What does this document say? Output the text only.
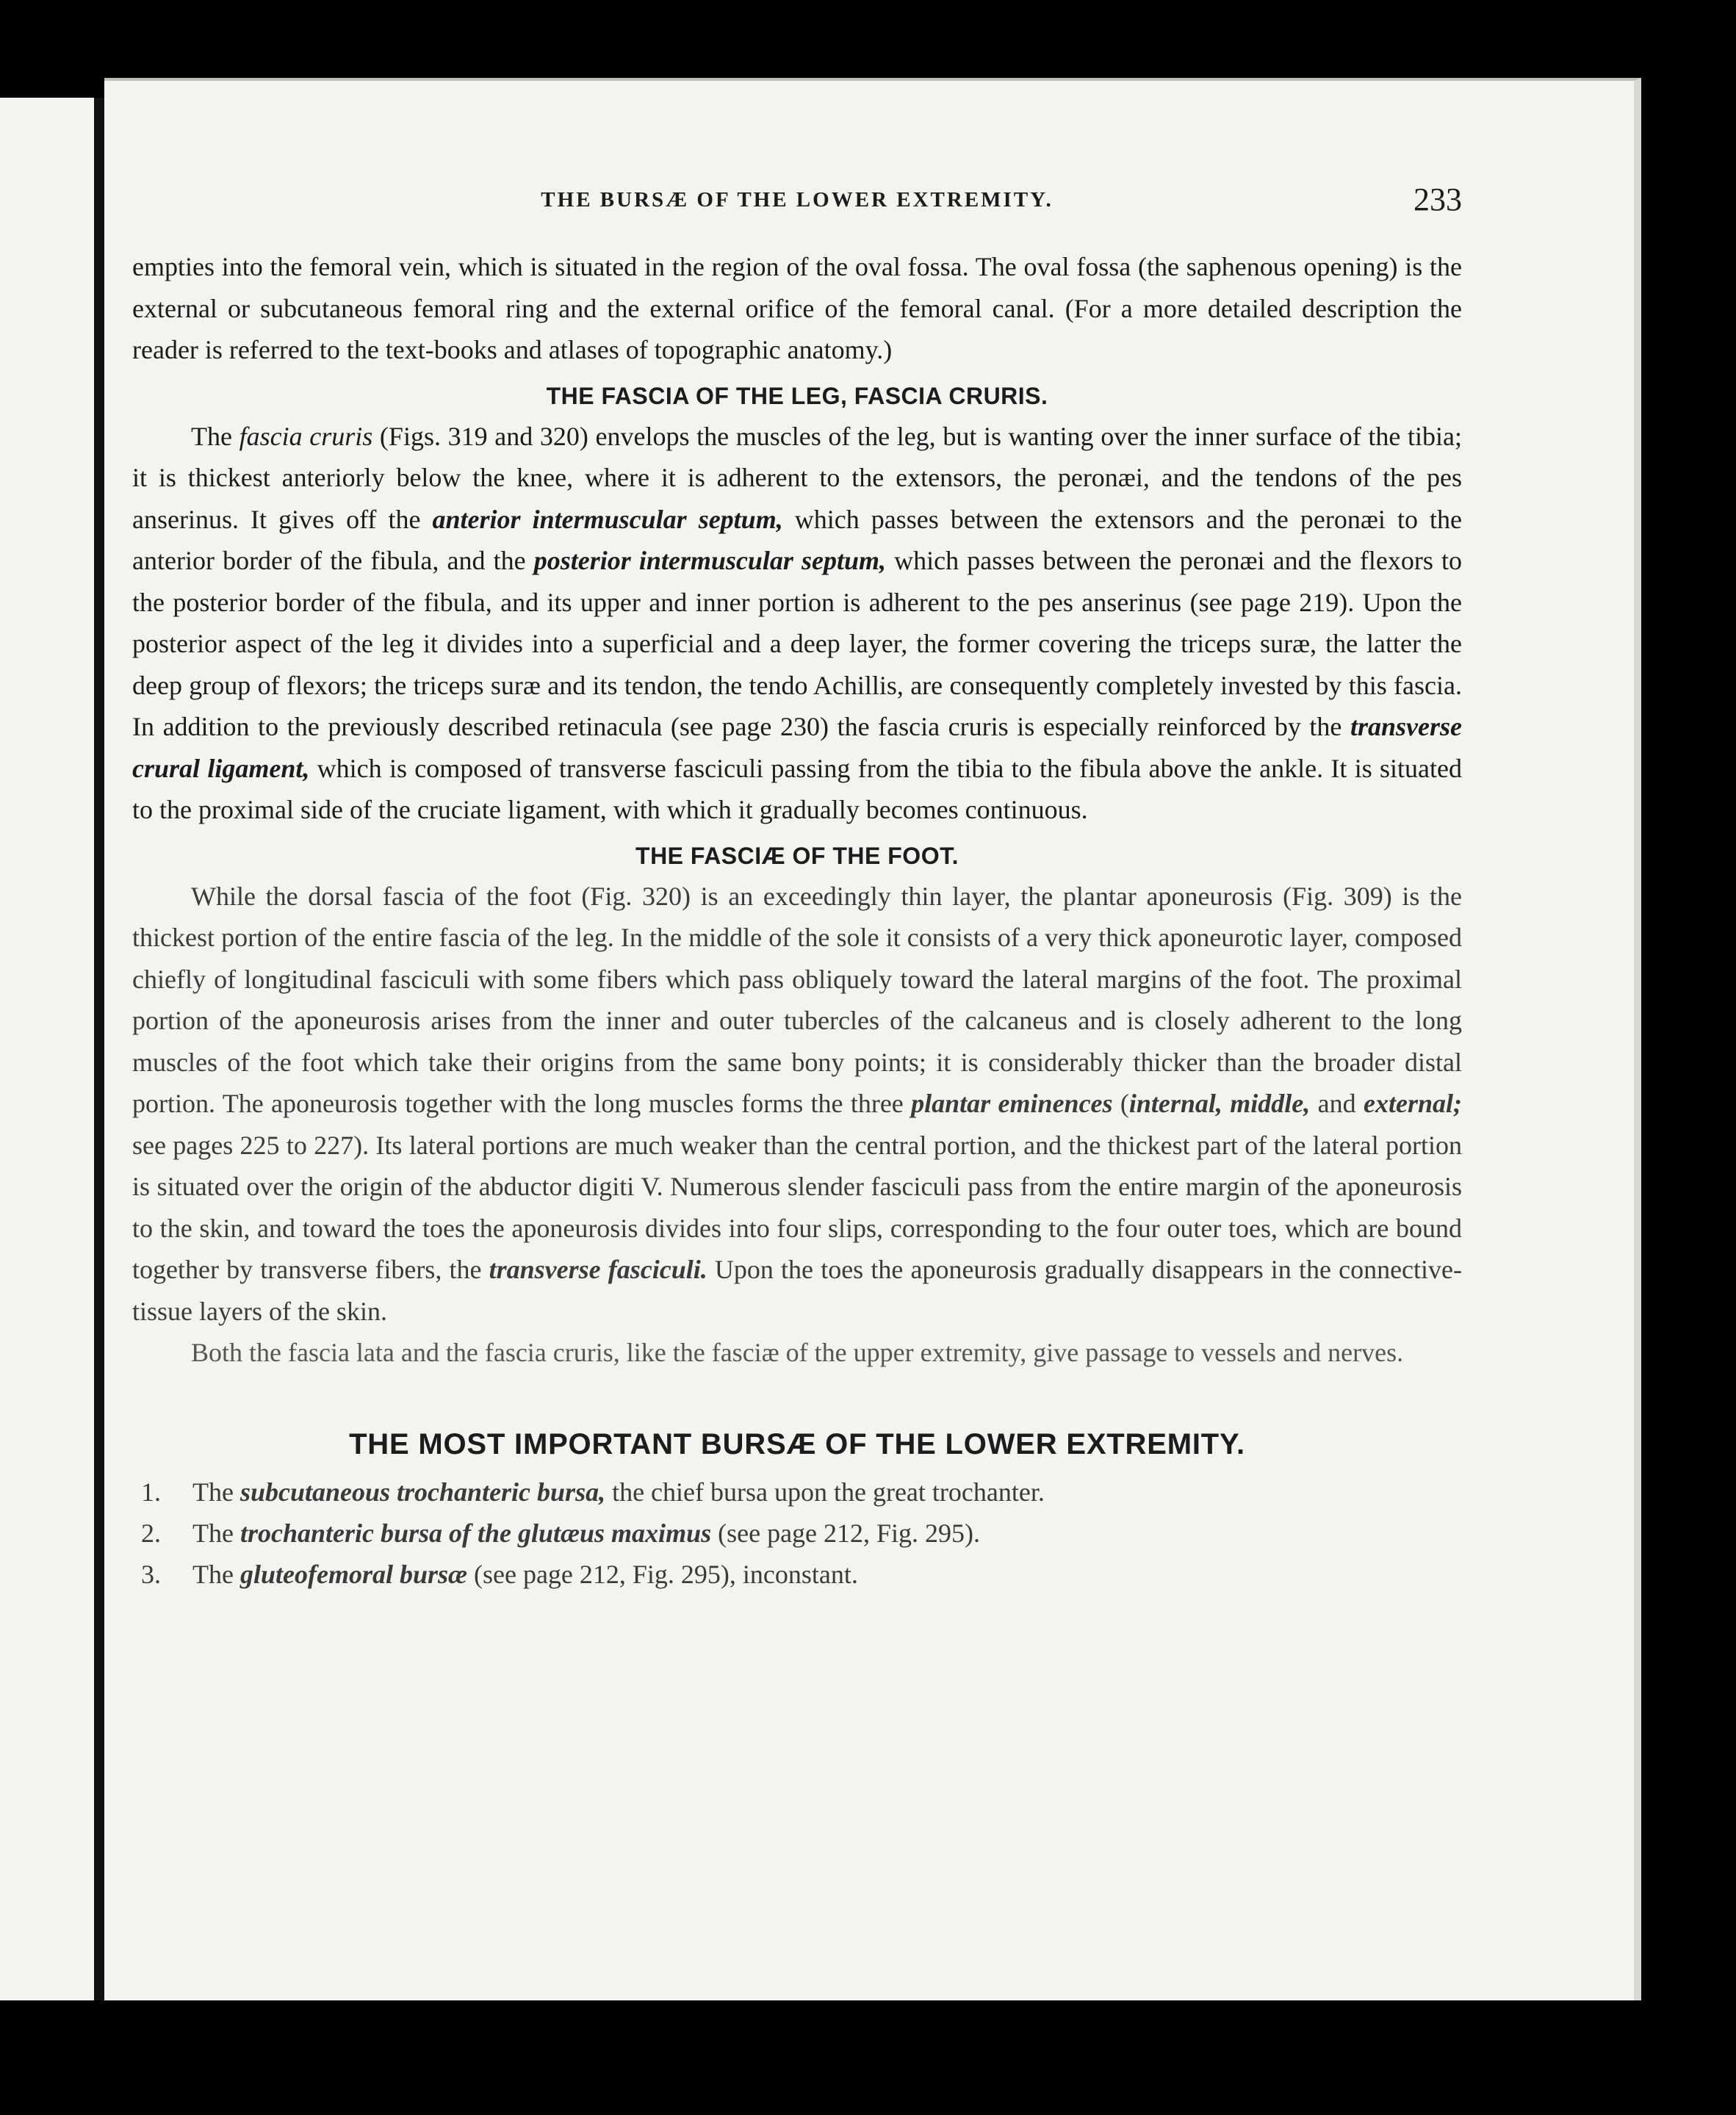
THE BURSÆ OF THE LOWER EXTREMITY.	233

empties into the femoral vein, which is situated in the region of the oval fossa. The oval fossa (the saphenous opening) is the external or subcutaneous femoral ring and the external orifice of the femoral canal. (For a more detailed description the reader is referred to the text-books and atlases of topographic anatomy.)

THE FASCIA OF THE LEG, FASCIA CRURIS.

The fascia cruris (Figs. 319 and 320) envelops the muscles of the leg, but is wanting over the inner surface of the tibia; it is thickest anteriorly below the knee, where it is adherent to the extensors, the peronæi, and the tendons of the pes anserinus. It gives off the anterior intermuscular septum, which passes between the extensors and the peronæi to the anterior border of the fibula, and the posterior intermuscular septum, which passes between the peronæi and the flexors to the posterior border of the fibula, and its upper and inner portion is adherent to the pes anserinus (see page 219). Upon the posterior aspect of the leg it divides into a superficial and a deep layer, the former covering the triceps suræ, the latter the deep group of flexors; the triceps suræ and its tendon, the tendo Achillis, are consequently completely invested by this fascia. In addition to the previously described retinacula (see page 230) the fascia cruris is especially reinforced by the transverse crural ligament, which is composed of transverse fasciculi passing from the tibia to the fibula above the ankle. It is situated to the proximal side of the cruciate ligament, with which it gradually becomes continuous.

THE FASCIÆ OF THE FOOT.

While the dorsal fascia of the foot (Fig. 320) is an exceedingly thin layer, the plantar aponeurosis (Fig. 309) is the thickest portion of the entire fascia of the leg. In the middle of the sole it consists of a very thick aponeurotic layer, composed chiefly of longitudinal fasciculi with some fibers which pass obliquely toward the lateral margins of the foot. The proximal portion of the aponeurosis arises from the inner and outer tubercles of the calcaneus and is closely adherent to the long muscles of the foot which take their origins from the same bony points; it is considerably thicker than the broader distal portion. The aponeurosis together with the long muscles forms the three plantar eminences (internal, middle, and external; see pages 225 to 227). Its lateral portions are much weaker than the central portion, and the thickest part of the lateral portion is situated over the origin of the abductor digiti V. Numerous slender fasciculi pass from the entire margin of the aponeurosis to the skin, and toward the toes the aponeurosis divides into four slips, corresponding to the four outer toes, which are bound together by transverse fibers, the transverse fasciculi. Upon the toes the aponeurosis gradually disappears in the connective-tissue layers of the skin.

Both the fascia lata and the fascia cruris, like the fasciæ of the upper extremity, give passage to vessels and nerves.

THE MOST IMPORTANT BURSÆ OF THE LOWER EXTREMITY.
1. The subcutaneous trochanteric bursa, the chief bursa upon the great trochanter.
2. The trochanteric bursa of the glutæus maximus (see page 212, Fig. 295).
3. The gluteofemoral bursæ (see page 212, Fig. 295), inconstant.
